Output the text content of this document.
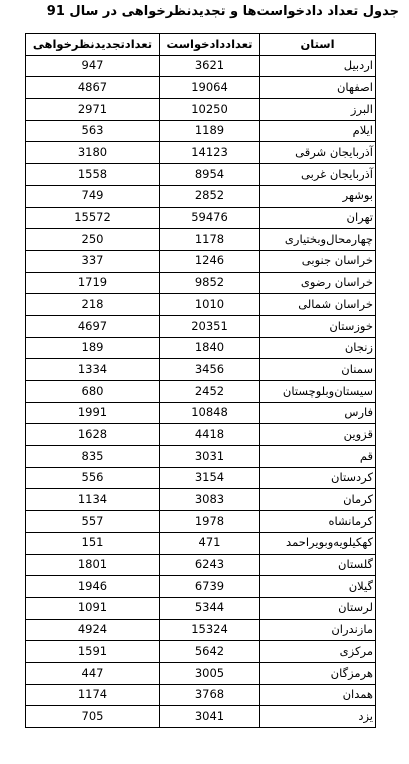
جدول تعداد دادخواست‌ها و تجدیدنظرخواهی در سال 91
استان	تعداددادخواست	تعدادتجدیدنظرخواهی
اردبیل	3621	947
اصفهان	19064	4867
البرز	10250	2971
ایلام	1189	563
آذربایجان شرقی	14123	3180
آذربایجان غربی	8954	1558
بوشهر	2852	749
تهران	59476	15572
چهارمحال‌وبختیاری	1178	250
خراسان جنوبی	1246	337
خراسان رضوی	9852	1719
خراسان شمالی	1010	218
خوزستان	20351	4697
زنجان	1840	189
سمنان	3456	1334
سیستان‌وبلوچستان	2452	680
فارس	10848	1991
قزوین	4418	1628
قم	3031	835
کردستان	3154	556
کرمان	3083	1134
کرمانشاه	1978	557
کهکیلویه‌وبویراحمد	471	151
گلستان	6243	1801
گیلان	6739	1946
لرستان	5344	1091
مازندران	15324	4924
مرکزی	5642	1591
هرمزگان	3005	447
همدان	3768	1174
یزد	3041	705
